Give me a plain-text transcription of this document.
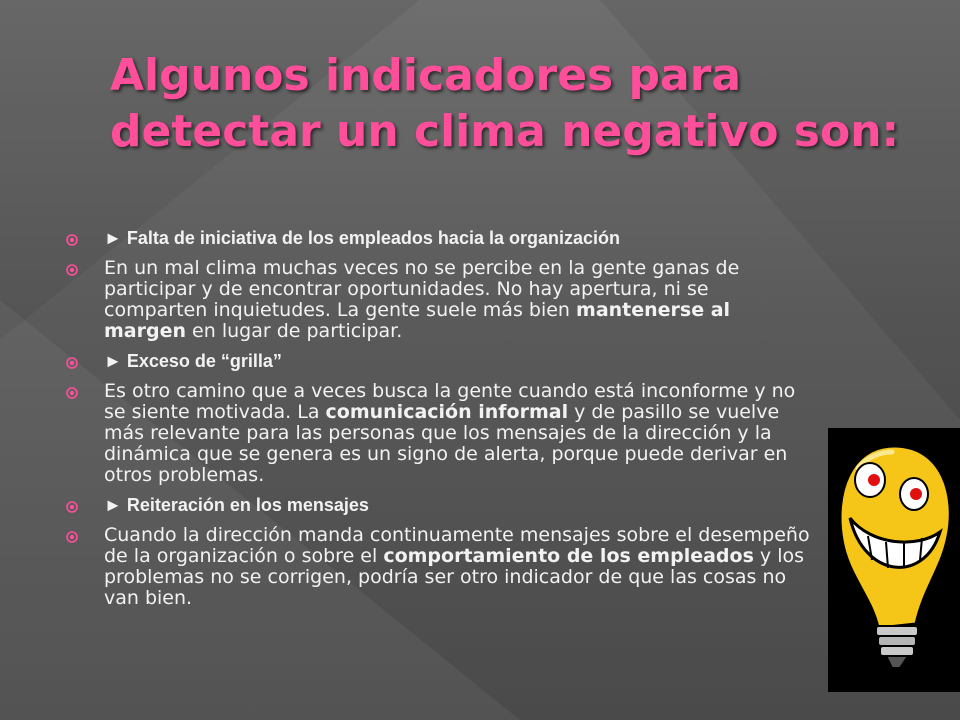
Algunos indicadores para detectar un clima negativo son:
► Falta de iniciativa de los empleados hacia la organización
En un mal clima muchas veces no se percibe en la gente ganas de participar y de encontrar oportunidades. No hay apertura, ni se comparten inquietudes. La gente suele más bien mantenerse al margen en lugar de participar.
► Exceso de “grilla”
Es otro camino que a veces busca la gente cuando está inconforme y no se siente motivada. La comunicación informal y de pasillo se vuelve más relevante para las personas que los mensajes de la dirección y la dinámica que se genera es un signo de alerta, porque puede derivar en otros problemas.
► Reiteración en los mensajes
Cuando la dirección manda continuamente mensajes sobre el desempeño de la organización o sobre el comportamiento de los empleados y los problemas no se corrigen, podría ser otro indicador de que las cosas no van bien.
